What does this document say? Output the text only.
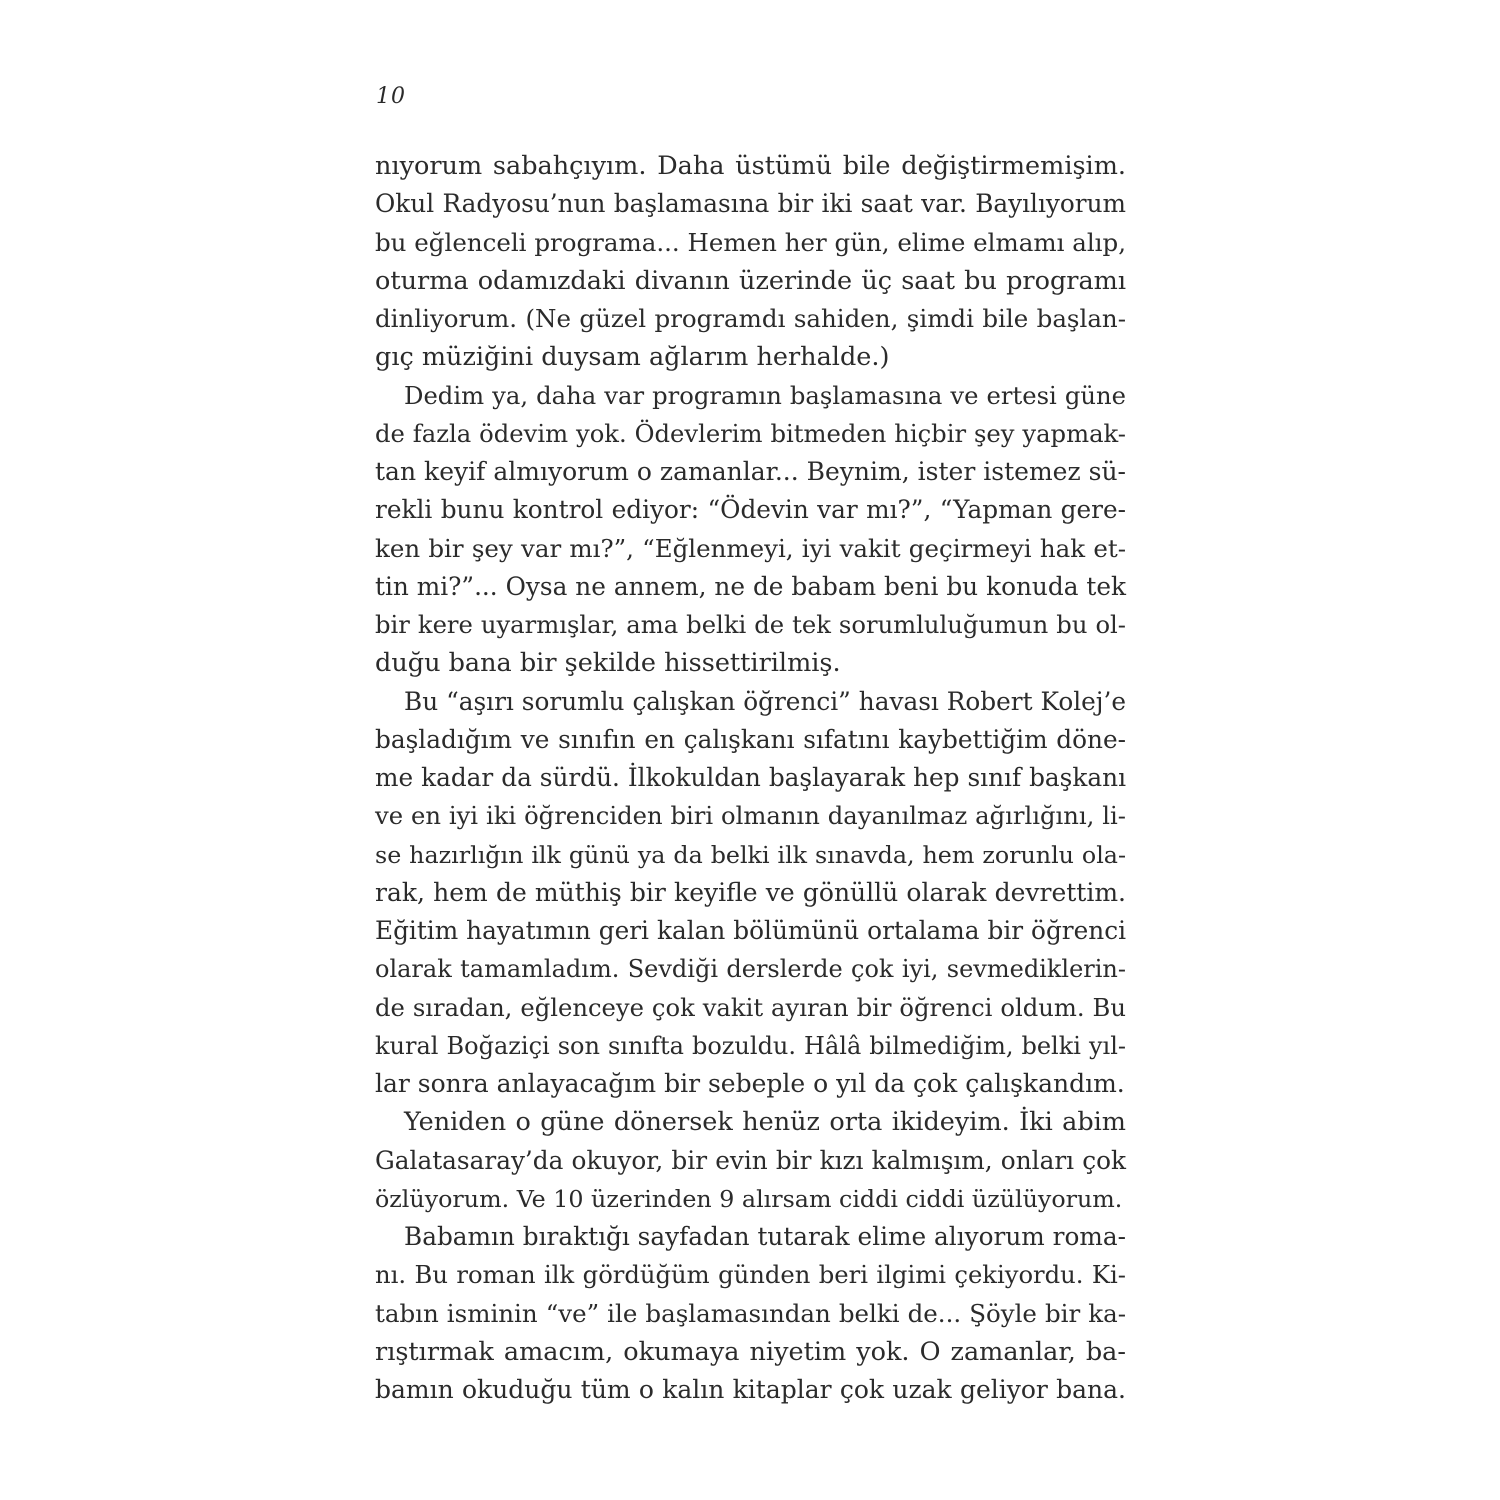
10
nıyorum sabahçıyım. Daha üstümü bile değiştirmemişim.
Okul Radyosu’nun başlamasına bir iki saat var. Bayılıyorum
bu eğlenceli programa... Hemen her gün, elime elmamı alıp,
oturma odamızdaki divanın üzerinde üç saat bu programı
dinliyorum. (Ne güzel programdı sahiden, şimdi bile başlan-
gıç müziğini duysam ağlarım herhalde.)
Dedim ya, daha var programın başlamasına ve ertesi güne
de fazla ödevim yok. Ödevlerim bitmeden hiçbir şey yapmak-
tan keyif almıyorum o zamanlar... Beynim, ister istemez sü-
rekli bunu kontrol ediyor: “Ödevin var mı?”, “Yapman gere-
ken bir şey var mı?”, “Eğlenmeyi, iyi vakit geçirmeyi hak et-
tin mi?”... Oysa ne annem, ne de babam beni bu konuda tek
bir kere uyarmışlar, ama belki de tek sorumluluğumun bu ol-
duğu bana bir şekilde hissettirilmiş.
Bu “aşırı sorumlu çalışkan öğrenci” havası Robert Kolej’e
başladığım ve sınıfın en çalışkanı sıfatını kaybettiğim döne-
me kadar da sürdü. İlkokuldan başlayarak hep sınıf başkanı
ve en iyi iki öğrenciden biri olmanın dayanılmaz ağırlığını, li-
se hazırlığın ilk günü ya da belki ilk sınavda, hem zorunlu ola-
rak, hem de müthiş bir keyifle ve gönüllü olarak devrettim.
Eğitim hayatımın geri kalan bölümünü ortalama bir öğrenci
olarak tamamladım. Sevdiği derslerde çok iyi, sevmediklerin-
de sıradan, eğlenceye çok vakit ayıran bir öğrenci oldum. Bu
kural Boğaziçi son sınıfta bozuldu. Hâlâ bilmediğim, belki yıl-
lar sonra anlayacağım bir sebeple o yıl da çok çalışkandım.
Yeniden o güne dönersek henüz orta ikideyim. İki abim
Galatasaray’da okuyor, bir evin bir kızı kalmışım, onları çok
özlüyorum. Ve 10 üzerinden 9 alırsam ciddi ciddi üzülüyorum.
Babamın bıraktığı sayfadan tutarak elime alıyorum roma-
nı. Bu roman ilk gördüğüm günden beri ilgimi çekiyordu. Ki-
tabın isminin “ve” ile başlamasından belki de... Şöyle bir ka-
rıştırmak amacım, okumaya niyetim yok. O zamanlar, ba-
bamın okuduğu tüm o kalın kitaplar çok uzak geliyor bana.
